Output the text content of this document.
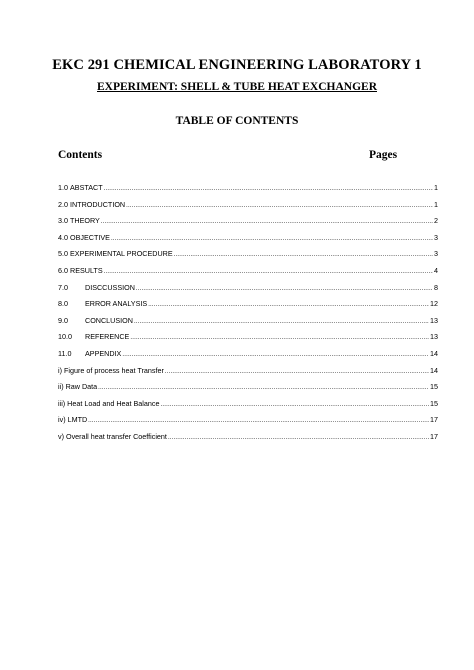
EKC 291 CHEMICAL ENGINEERING LABORATORY 1
EXPERIMENT: SHELL & TUBE HEAT EXCHANGER
TABLE OF CONTENTS
Contents	Pages
1.0 ABSTACT .....	1
2.0 INTRODUCTION .....	1
3.0 THEORY .....	2
4.0 OBJECTIVE .....	3
5.0 EXPERIMENTAL PROCEDURE .....	3
6.0 RESULTS .....	4
7.0	DISCCUSSION .....	8
8.0	ERROR ANALYSIS .....	12
9.0	CONCLUSION .....	13
10.0	REFERENCE .....	13
11.0	APPENDIX .....	14
i) Figure of process heat Transfer .....	14
ii) Raw Data .....	15
iii) Heat Load and Heat Balance .....	15
iv) LMTD .....	17
v) Overall heat transfer Coefficient .....	17
